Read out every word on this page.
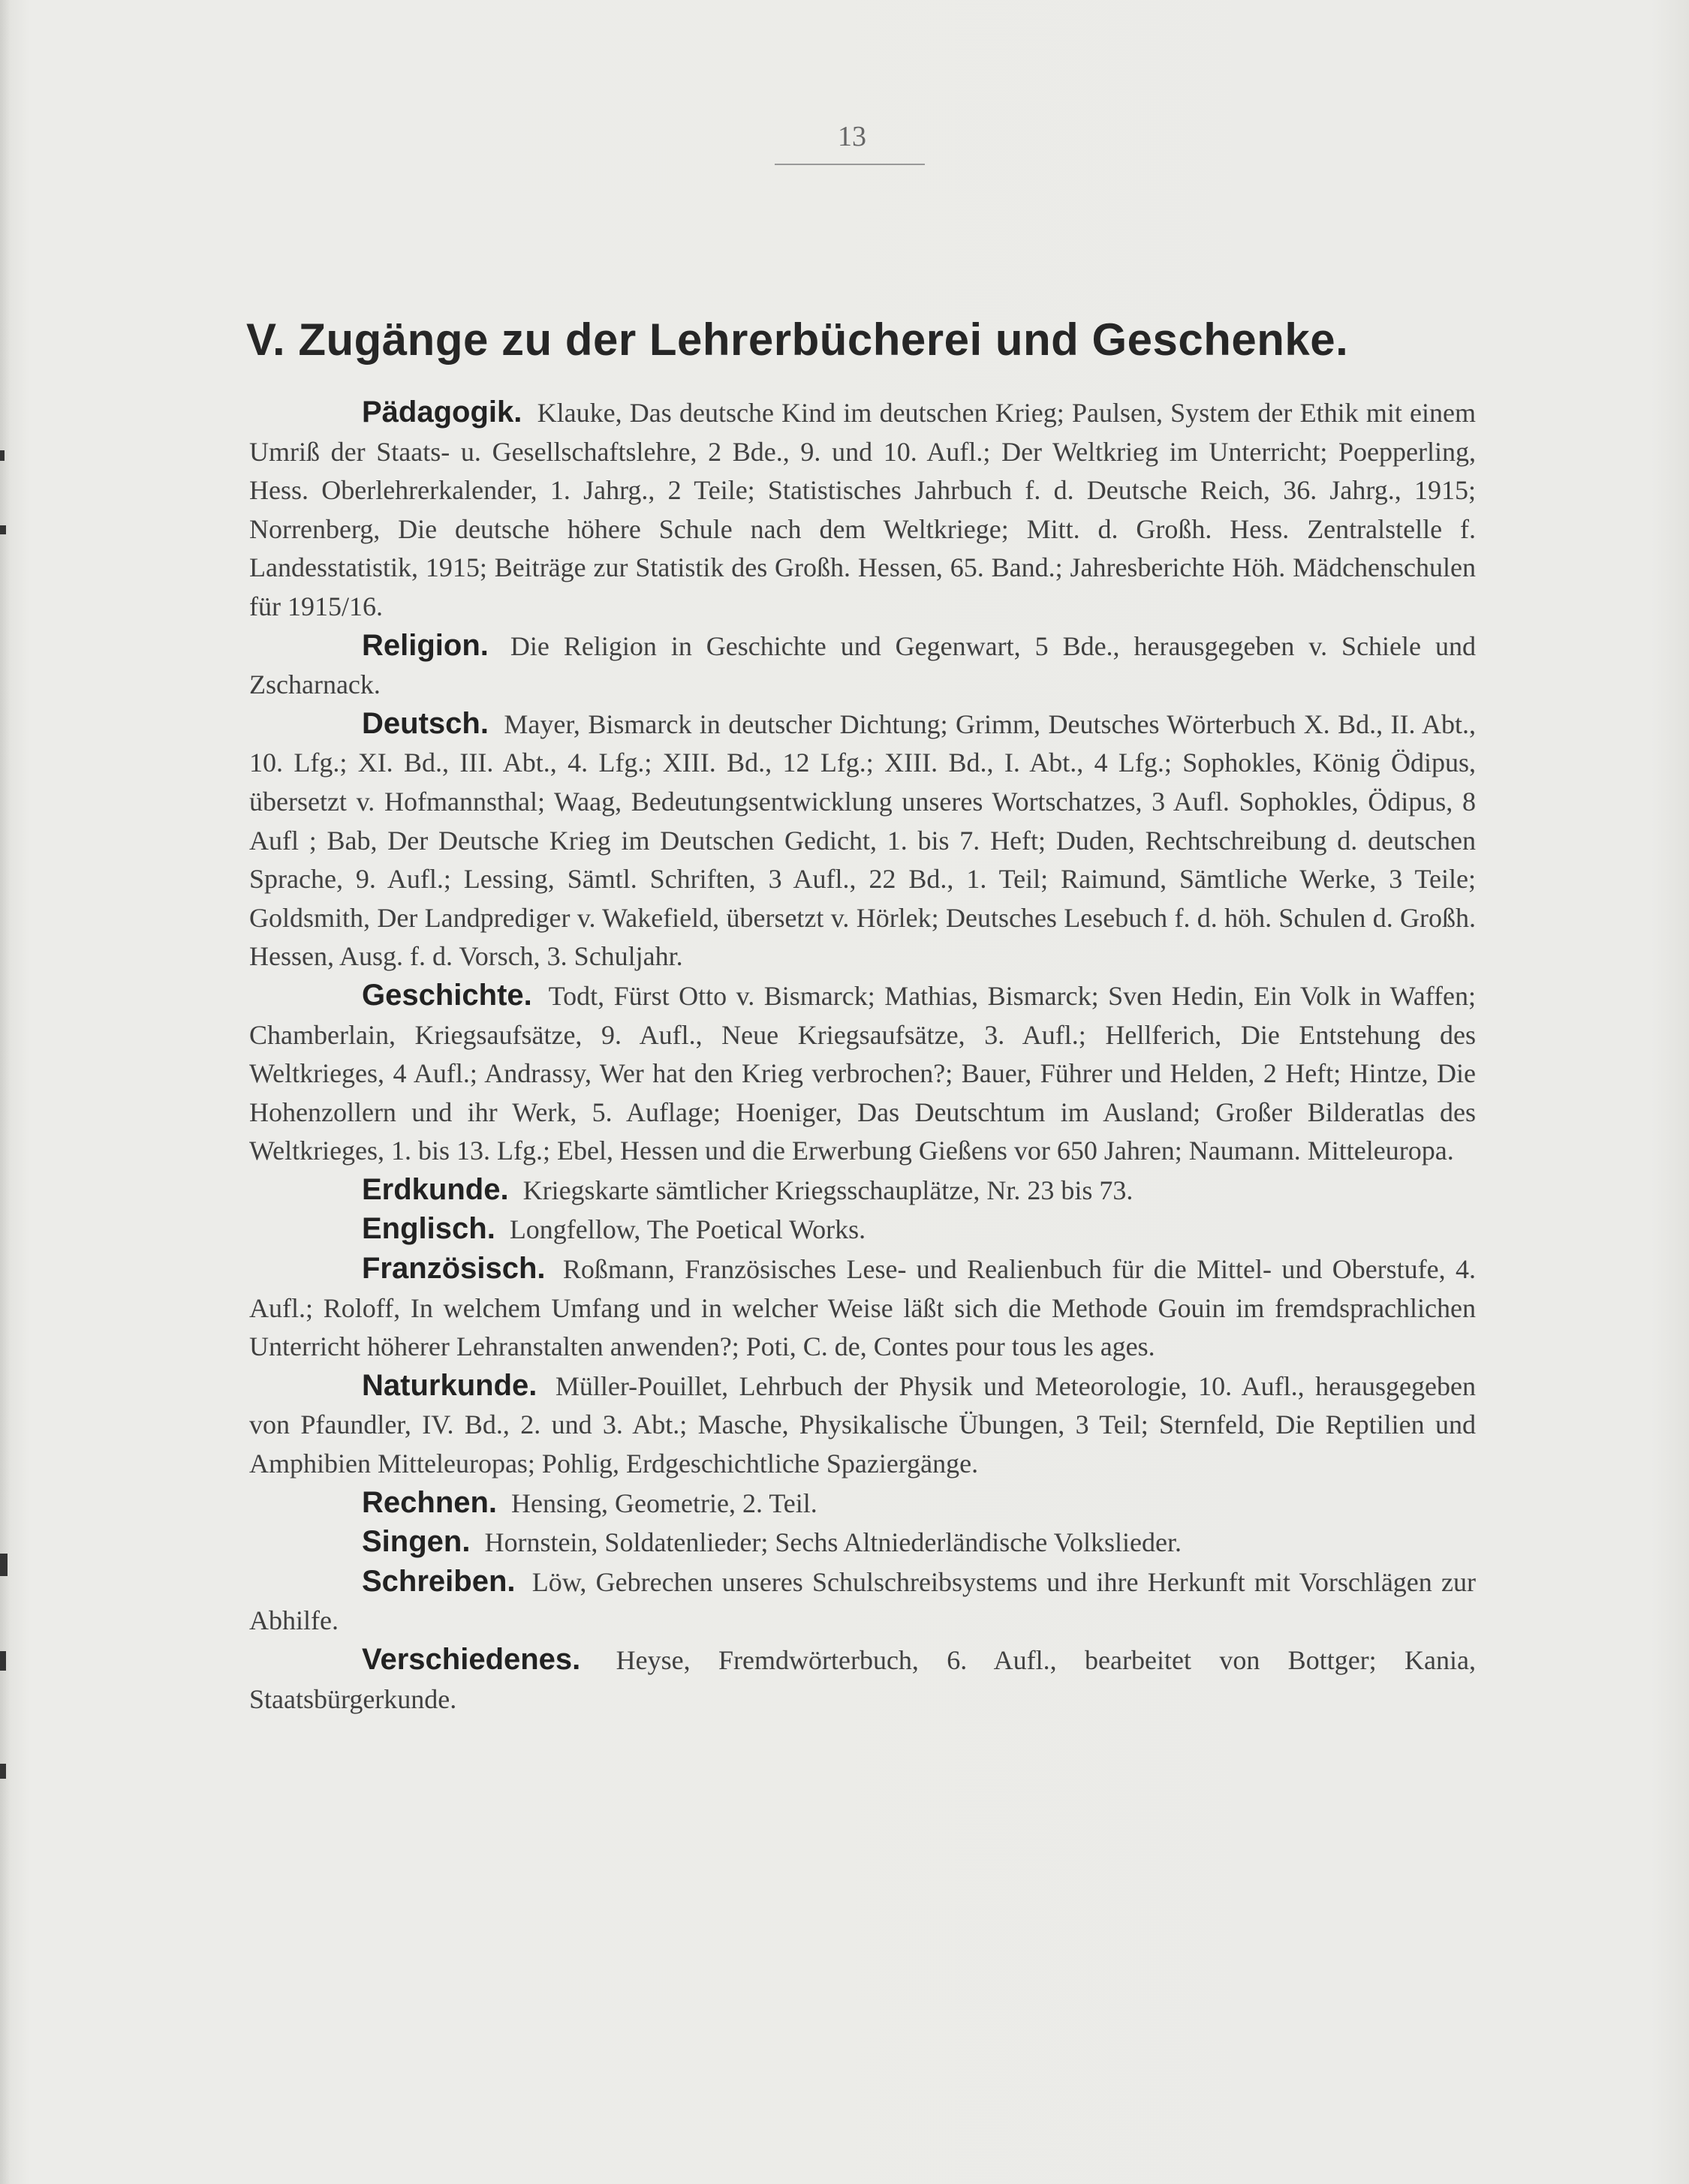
13
V. Zugänge zu der Lehrerbücherei und Geschenke.

Pädagogik. Klauke, Das deutsche Kind im deutschen Krieg; Paulsen, System der Ethik mit einem Umriß der Staats- u. Gesellschaftslehre, 2 Bde., 9. und 10. Aufl.; Der Weltkrieg im Unterricht; Poepperling, Hess. Oberlehrerkalender, 1. Jahrg., 2 Teile; Statistisches Jahrbuch f. d. Deutsche Reich, 36. Jahrg., 1915; Norrenberg, Die deutsche höhere Schule nach dem Weltkriege; Mitt. d. Großh. Hess. Zentralstelle f. Landesstatistik, 1915; Beiträge zur Statistik des Großh. Hessen, 65. Band.; Jahresberichte Höh. Mädchenschulen für 1915/16.

Religion. Die Religion in Geschichte und Gegenwart, 5 Bde., herausgegeben v. Schiele und Zscharnack.

Deutsch. Mayer, Bismarck in deutscher Dichtung; Grimm, Deutsches Wörterbuch X. Bd., II. Abt., 10. Lfg.; XI. Bd., III. Abt., 4. Lfg.; XIII. Bd., 12 Lfg.; XIII. Bd., I. Abt., 4 Lfg.; Sophokles, König Ödipus, übersetzt v. Hofmannsthal; Waag, Bedeutungsentwicklung unseres Wortschatzes, 3 Aufl. Sophokles, Ödipus, 8 Aufl ; Bab, Der Deutsche Krieg im Deutschen Gedicht, 1. bis 7. Heft; Duden, Rechtschreibung d. deutschen Sprache, 9. Aufl.; Lessing, Sämtl. Schriften, 3 Aufl., 22 Bd., 1. Teil; Raimund, Sämtliche Werke, 3 Teile; Goldsmith, Der Landprediger v. Wakefield, übersetzt v. Hörlek; Deutsches Lesebuch f. d. höh. Schulen d. Großh. Hessen, Ausg. f. d. Vorsch, 3. Schuljahr.

Geschichte. Todt, Fürst Otto v. Bismarck; Mathias, Bismarck; Sven Hedin, Ein Volk in Waffen; Chamberlain, Kriegsaufsätze, 9. Aufl., Neue Kriegsaufsätze, 3. Aufl.; Hellferich, Die Entstehung des Weltkrieges, 4 Aufl.; Andrassy, Wer hat den Krieg verbrochen?; Bauer, Führer und Helden, 2 Heft; Hintze, Die Hohenzollern und ihr Werk, 5. Auflage; Hoeniger, Das Deutschtum im Ausland; Großer Bilderatlas des Weltkrieges, 1. bis 13. Lfg.; Ebel, Hessen und die Erwerbung Gießens vor 650 Jahren; Naumann. Mitteleuropa.

Erdkunde. Kriegskarte sämtlicher Kriegsschauplätze, Nr. 23 bis 73.

Englisch. Longfellow, The Poetical Works.

Französisch. Roßmann, Französisches Lese- und Realienbuch für die Mittel- und Oberstufe, 4. Aufl.; Roloff, In welchem Umfang und in welcher Weise läßt sich die Methode Gouin im fremdsprachlichen Unterricht höherer Lehranstalten anwenden?; Poti, C. de, Contes pour tous les ages.

Naturkunde. Müller-Pouillet, Lehrbuch der Physik und Meteorologie, 10. Aufl., herausgegeben von Pfaundler, IV. Bd., 2. und 3. Abt.; Masche, Physikalische Übungen, 3 Teil; Sternfeld, Die Reptilien und Amphibien Mitteleuropas; Pohlig, Erdgeschichtliche Spaziergänge.

Rechnen. Hensing, Geometrie, 2. Teil.

Singen. Hornstein, Soldatenlieder; Sechs Altniederländische Volkslieder.

Schreiben. Löw, Gebrechen unseres Schulschreibsystems und ihre Herkunft mit Vorschlägen zur Abhilfe.

Verschiedenes. Heyse, Fremdwörterbuch, 6. Aufl., bearbeitet von Bottger; Kania, Staatsbürgerkunde.
